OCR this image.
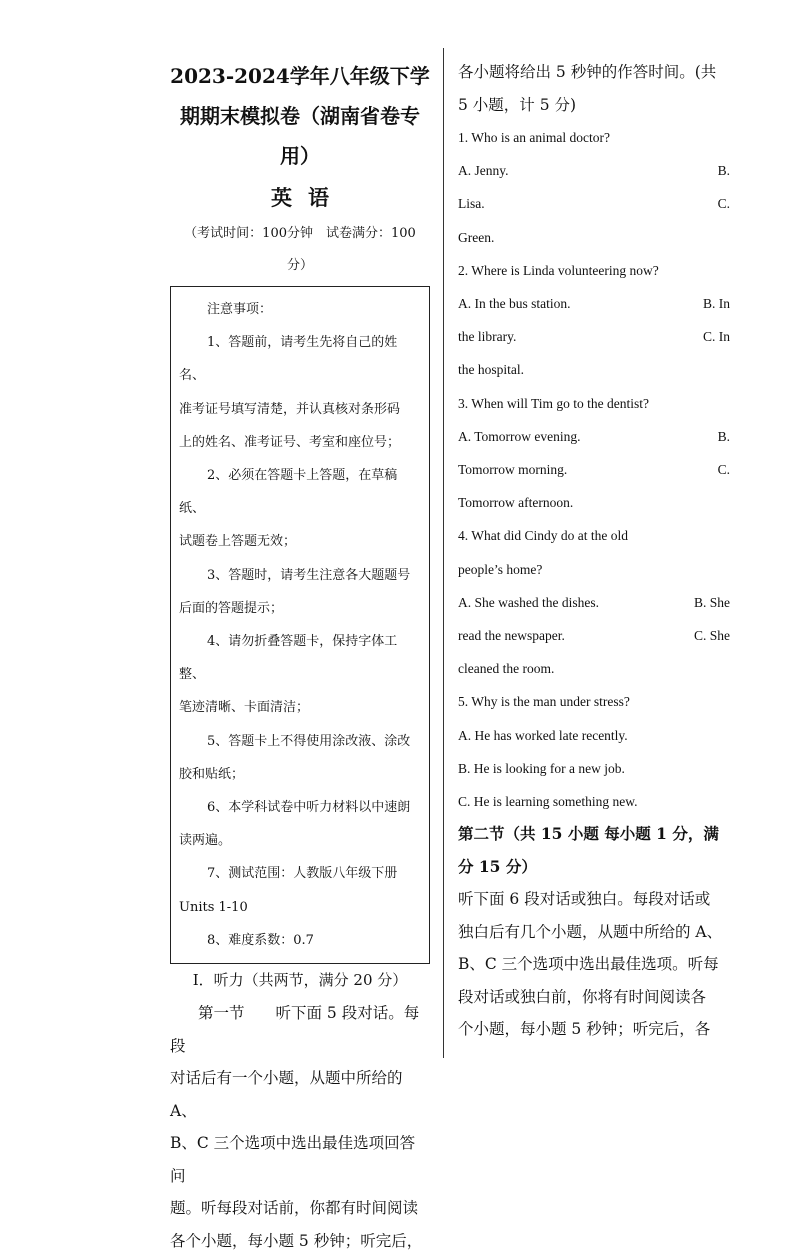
2023-2024学年八年级下学

期期末模拟卷（湖南省卷专

用）

英语

（考试时间：100分钟　试卷满分：100

分）

注意事项：

1、答题前，请考生先将自己的姓名、

准考证号填写清楚，并认真核对条形码

上的姓名、准考证号、考室和座位号；

2、必须在答题卡上答题，在草稿纸、

试题卷上答题无效；

3、答题时，请考生注意各大题题号

后面的答题提示；

4、请勿折叠答题卡，保持字体工整、

笔迹清晰、卡面清洁；

5、答题卡上不得使用涂改液、涂改

胶和贴纸；

6、本学科试卷中听力材料以中速朗

读两遍。

7、测试范围：人教版八年级下册

Units 1-10

8、难度系数：0.7

I．听力（共两节，满分 20 分）

第一节　　听下面 5 段对话。每段

对话后有一个小题，从题中所给的 A、

B、C 三个选项中选出最佳选项回答问

题。听每段对话前，你都有时间阅读

各个小题，每小题 5 秒钟；听完后，

各小题将给出 5 秒钟的作答时间。(共

5 小题，计 5 分)

1. Who is an animal doctor?

A. Jenny.	B.
Lisa.	C.
Green.

2. Where is Linda volunteering now?

A. In the bus station.	B. In
the library.	C. In
the hospital.

3. When will Tim go to the dentist?

A. Tomorrow evening.	B.
Tomorrow morning.	C.
Tomorrow afternoon.

4. What did Cindy do at the old

people’s home?

A. She washed the dishes.	B. She
read the newspaper.	C. She
cleaned the room.

5. Why is the man under stress?

A. He has worked late recently.
B. He is looking for a new job.
C. He is learning something new.

第二节（共 15 小题 每小题 1 分，满

分 15 分）

听下面 6 段对话或独白。每段对话或

独白后有几个小题，从题中所给的 A、

B、C 三个选项中选出最佳选项。听每

段对话或独白前，你将有时间阅读各

个小题，每小题 5 秒钟；听完后，各
